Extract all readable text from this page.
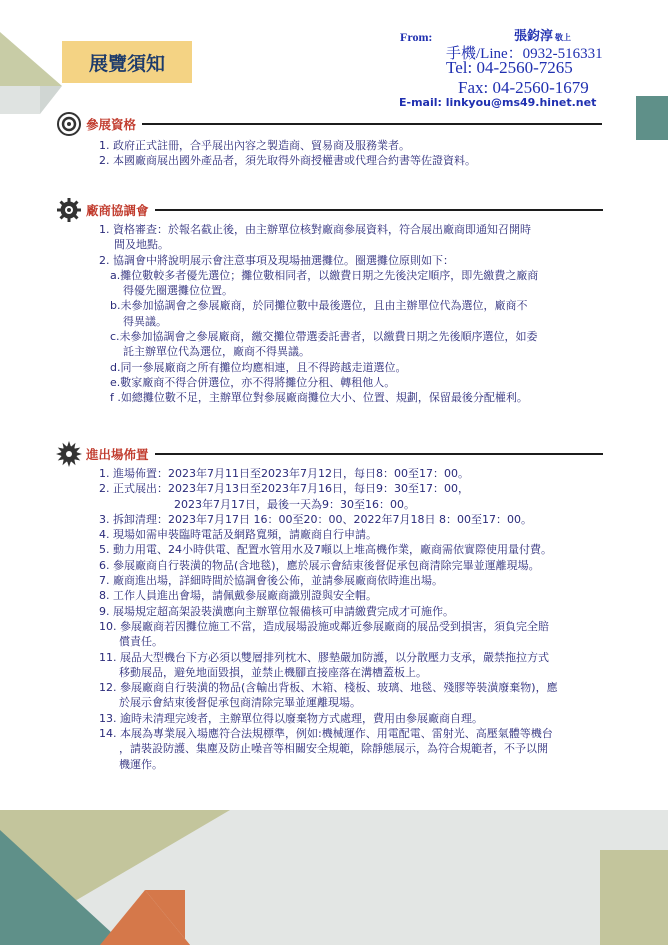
展覽須知
From:	張鈞淳 敬上
手機/Line：0932-516331
Tel: 04-2560-7265
Fax: 04-2560-1679
E-mail: linkyou@ms49.hinet.net
參展資格
1.
政府正式註冊，合乎展出內容之製造商、貿易商及服務業者。
2.
本國廠商展出國外產品者，須先取得外商授權書或代理合約書等佐證資料。
廠商協調會
1.
資格審查：於報名截止後，由主辦單位核對廠商參展資料，符合展出廠商即通知召開時
間及地點。
2.
協調會中將說明展示會注意事項及現場抽選攤位。圈選攤位原則如下：
a. 攤位數較多者優先選位；攤位數相同者，以繳費日期之先後決定順序，即先繳費之廠商
得優先圈選攤位位置。
b. 未參加協調會之參展廠商，於同攤位數中最後選位，且由主辦單位代為選位，廠商不
得異議。
c. 未參加協調會之參展廠商，繳交攤位帶選委託書者，以繳費日期之先後順序選位，如委
託主辦單位代為選位，廠商不得異議。
d. 同一參展廠商之所有攤位均應相連，且不得跨越走道選位。
e. 數家廠商不得合併選位，亦不得將攤位分租、轉租他人。
f . 如總攤位數不足，主辦單位對參展廠商攤位大小、位置、規劃，保留最後分配權利。
進出場佈置
1.
進場佈置：2023年7月11日至2023年7月12日，每日8：00至17：00。
2.
正式展出：2023年7月13日至2023年7月16日，每日9：30至17：00，
2023年7月17日，最後一天為9：30至16：00。
3.
拆卸清理：2023年7月17日 16：00至20：00、2022年7月18日 8：00至17：00。
4.
現場如需申裝臨時電話及網路寬頻，請廠商自行申請。
5.
動力用電、24小時供電、配置水管用水及7噸以上堆高機作業，廠商需依實際使用量付費。
6.
參展廠商自行裝潢的物品(含地毯)，應於展示會結束後督促承包商清除完畢並運離現場。
7.
廠商進出場，詳細時間於協調會後公佈，並請參展廠商依時進出場。
8.
工作人員進出會場，請佩戴參展廠商識別證與安全帽。
9.
展場規定超高架設裝潢應向主辦單位報備核可申請繳費完成才可施作。
10.
參展廠商若因攤位施工不當，造成展場設施或鄰近參展廠商的展品受到損害，須負完全賠
償責任。
11.
展品大型機台下方必須以雙層排列枕木、膠墊嚴加防護，以分散壓力支承，嚴禁拖拉方式
移動展品，避免地面毀損，並禁止機腳直接座落在溝槽蓋板上。
12.
參展廠商自行裝潢的物品(含輸出背板、木箱、棧板、玻璃、地毯、殘膠等裝潢廢棄物)，應
於展示會結束後督促承包商清除完畢並運離現場。
13.
逾時未清理完竣者，主辦單位得以廢棄物方式處理，費用由參展廠商自理。
14.
本展為專業展入場應符合法規標準，例如:機械運作、用電配電、雷射光、高壓氣體等機台
，請裝設防護、集塵及防止噪音等相關安全規範，除靜態展示，為符合規範者，不予以開
機運作。
